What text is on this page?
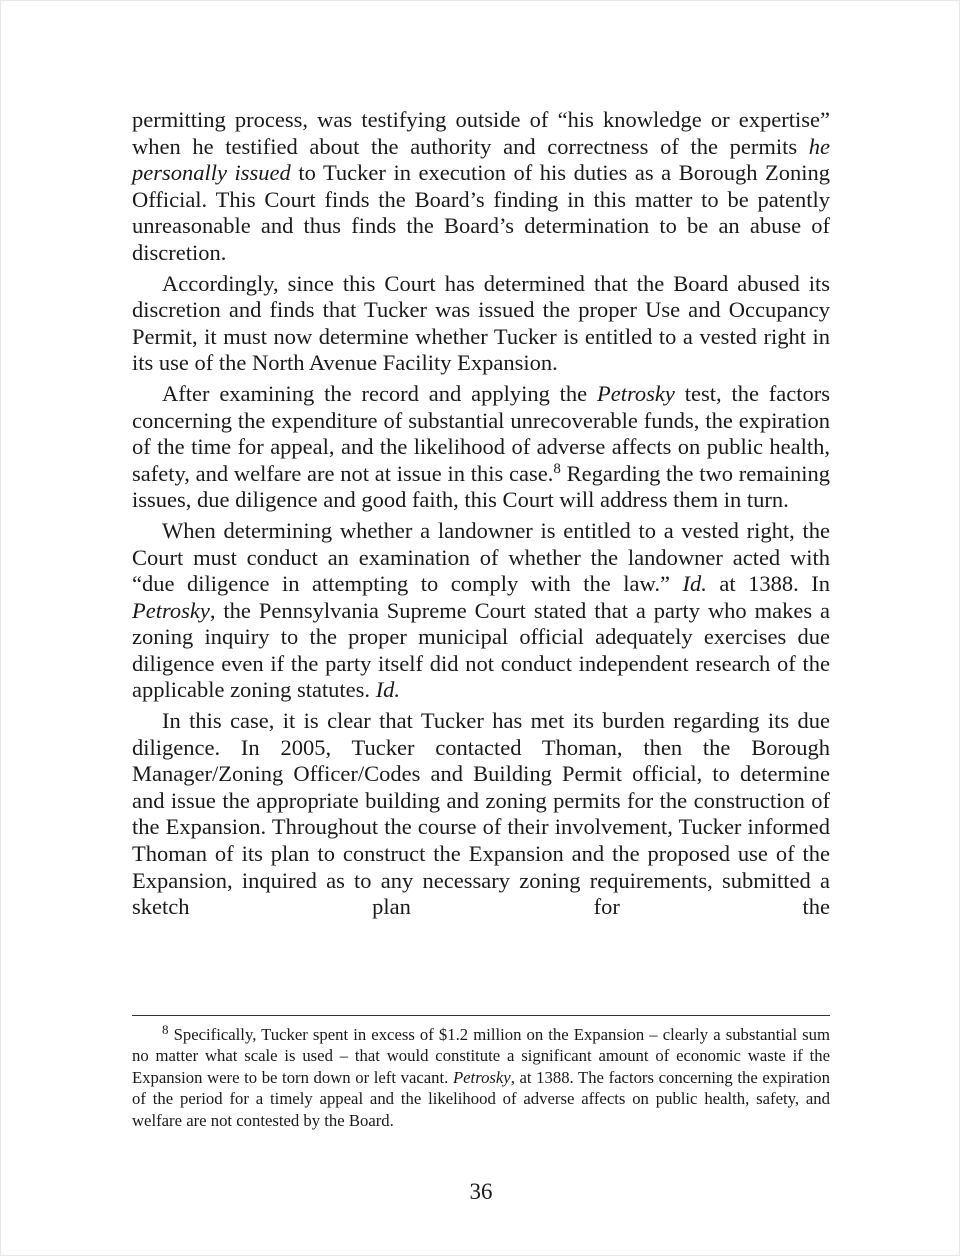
permitting process, was testifying outside of “his knowledge or expertise” when he testified about the authority and correctness of the permits he personally issued to Tucker in execution of his duties as a Borough Zoning Official. This Court finds the Board’s finding in this matter to be patently unreasonable and thus finds the Board’s determination to be an abuse of discretion.

Accordingly, since this Court has determined that the Board abused its discretion and finds that Tucker was issued the proper Use and Occupancy Permit, it must now determine whether Tucker is entitled to a vested right in its use of the North Avenue Facility Expansion.

After examining the record and applying the Petrosky test, the factors concerning the expenditure of substantial unrecoverable funds, the expiration of the time for appeal, and the likelihood of adverse affects on public health, safety, and welfare are not at issue in this case.$^8$ Regarding the two remaining issues, due diligence and good faith, this Court will address them in turn.

When determining whether a landowner is entitled to a vested right, the Court must conduct an examination of whether the landowner acted with “due diligence in attempting to comply with the law.” Id. at 1388. In Petrosky, the Pennsylvania Supreme Court stated that a party who makes a zoning inquiry to the proper municipal official adequately exercises due diligence even if the party itself did not conduct independent research of the applicable zoning statutes. Id.

In this case, it is clear that Tucker has met its burden regarding its due diligence. In 2005, Tucker contacted Thoman, then the Borough Manager/Zoning Officer/Codes and Building Permit official, to determine and issue the appropriate building and zoning permits for the construction of the Expansion. Throughout the course of their involvement, Tucker informed Thoman of its plan to construct the Expansion and the proposed use of the Expansion, inquired as to any necessary zoning requirements, submitted a sketch plan for the

$^8$ Specifically, Tucker spent in excess of $1.2 million on the Expansion – clearly a substantial sum no matter what scale is used – that would constitute a significant amount of economic waste if the Expansion were to be torn down or left vacant. Petrosky, at 1388. The factors concerning the expiration of the period for a timely appeal and the likelihood of adverse affects on public health, safety, and welfare are not contested by the Board.

36
